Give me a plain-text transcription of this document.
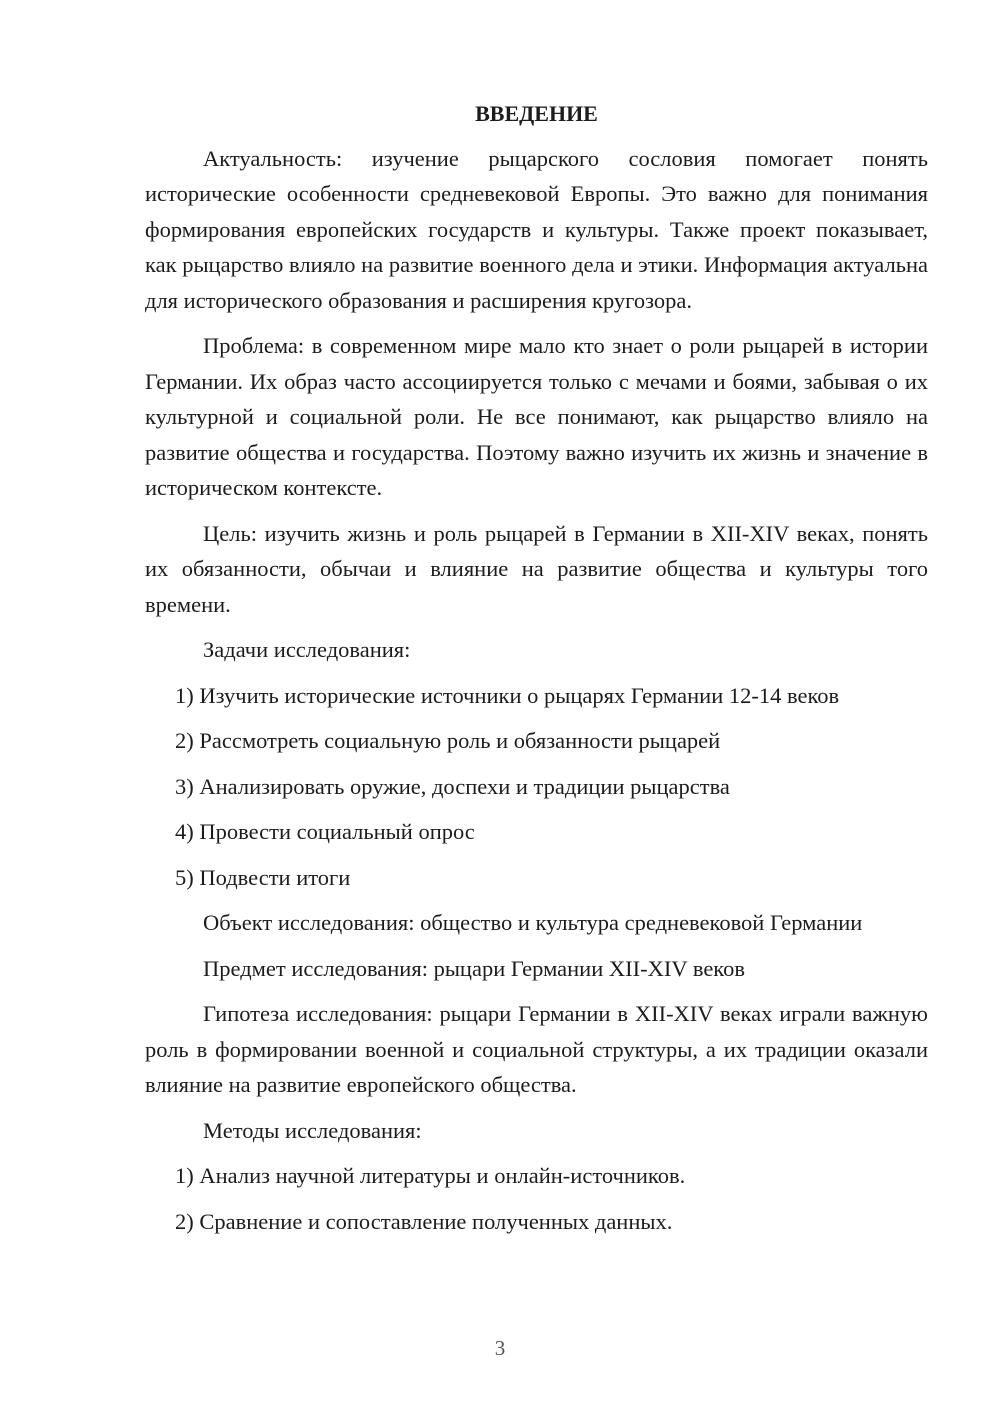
ВВЕДЕНИЕ

Актуальность: изучение рыцарского сословия помогает понять исторические особенности средневековой Европы. Это важно для понимания формирования европейских государств и культуры. Также проект показывает, как рыцарство влияло на развитие военного дела и этики. Информация актуальна для исторического образования и расширения кругозора.

Проблема: в современном мире мало кто знает о роли рыцарей в истории Германии. Их образ часто ассоциируется только с мечами и боями, забывая о их культурной и социальной роли. Не все понимают, как рыцарство влияло на развитие общества и государства. Поэтому важно изучить их жизнь и значение в историческом контексте.

Цель: изучить жизнь и роль рыцарей в Германии в XII-XIV веках, понять их обязанности, обычаи и влияние на развитие общества и культуры того времени.

Задачи исследования:

1) Изучить исторические источники о рыцарях Германии 12-14 веков
2) Рассмотреть социальную роль и обязанности рыцарей
3) Анализировать оружие, доспехи и традиции рыцарства
4) Провести социальный опрос
5) Подвести итоги

Объект исследования: общество и культура средневековой Германии

Предмет исследования: рыцари Германии XII-XIV веков

Гипотеза исследования: рыцари Германии в XII-XIV веках играли важную роль в формировании военной и социальной структуры, а их традиции оказали влияние на развитие европейского общества.

Методы исследования:

1) Анализ научной литературы и онлайн-источников.
2) Сравнение и сопоставление полученных данных.
3
